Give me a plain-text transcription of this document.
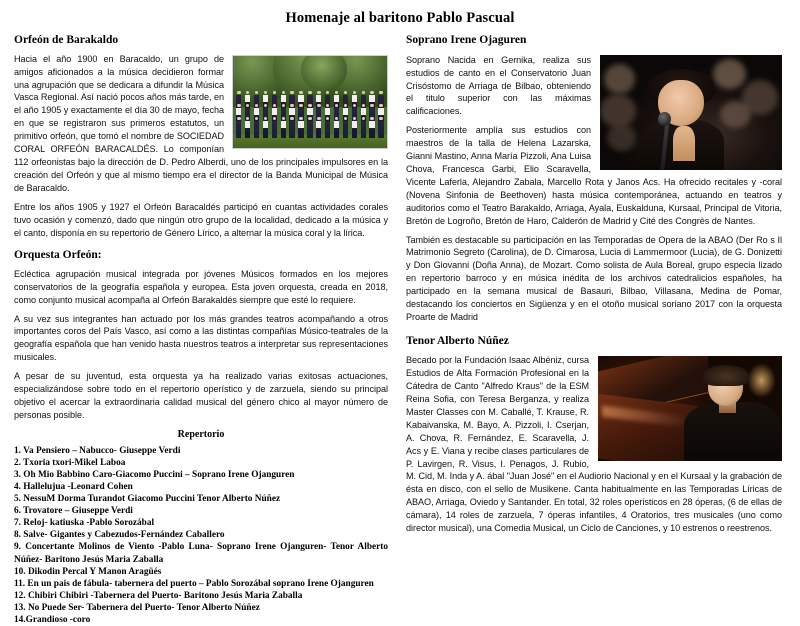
Homenaje al baritono Pablo Pascual
Orfeón de Barakaldo

Hacia el año 1900 en Baracaldo, un grupo de amigos aficionados a la música decidieron formar una agrupación que se dedicara a difundir la Música Vasca Regional. Así nació pocos años más tarde, en el año 1905 y exactamente el día 30 de mayo, fecha en que se registraron sus primeros estatutos, un primitivo orfeón, que tomó el nombre de SOCIEDAD CORAL ORFEÓN BARACALDÉS. Lo componían 112 orfeonistas bajo la dirección de D. Pedro Alberdi, uno de los principales impulsores en la creación del Orfeón y que al mismo tiempo era el director de la Banda Municipal de Música de Baracaldo.

Entre los años 1905 y 1927 el Orfeón Baracaldés participó en cuantas actividades corales tuvo ocasión y comenzó, dado que ningún otro grupo de la localidad, dedicado a la música y el canto, disponía en su repertorio de Género Lírico, a alternar la música coral y la lírica.

Orquesta Orfeón:

Ecléctica agrupación musical integrada por jóvenes Músicos formados en los mejores conservatorios de la geografía española y europea. Esta joven orquesta, creada en 2018, como conjunto musical acompaña al Orfeón Barakaldés siempre que esté lo requiere.

A su vez sus integrantes han actuado por los más grandes teatros acompañando a otros importantes coros del País Vasco, así como a las distintas compañías Músico-teatrales de la geografía española que han venido hasta nuestros teatros a interpretar sus representaciones musicales.

A pesar de su juventud, esta orquesta ya ha realizado varias exitosas actuaciones, especializándose sobre todo en el repertorio operístico y de zarzuela, siendo su principal objetivo el acercar la extraordinaria calidad musical del género chico al mayor número de personas posible.

Repertorio
1. Va Pensiero – Nabucco- Giuseppe Verdi
2. Txoria txori-Mikel Laboa
3. Oh Mio Babbino Caro-Giacomo Puccini – Soprano Irene Ojanguren
4. Hallelujua -Leonard Cohen
5. NessuM Dorma Turandot Giacomo Puccini Tenor Alberto Núñez
6. Trovatore – Giuseppe Verdi
7. Reloj- katiuska -Pablo Sorozábal
8. Salve- Gigantes y Cabezudos-Fernández Caballero
9. Concertante Molinos de Viento -Pablo Luna- Soprano Irene Ojanguren- Tenor Alberto Núñez- Baritono Jesús Maria Zaballa
10. Dikodin Percal Y Manon Aragüés
11. En un pais de fábula- tabernera del puerto – Pablo Sorozábal soprano Irene Ojanguren
12. Chibiri Chibiri -Tabernera del Puerto- Baritono Jesús Maria Zaballa
13. No Puede Ser- Tabernera del Puerto- Tenor Alberto Núñez
14.Grandioso -coro
Soprano Irene Ojaguren

Soprano Nacida en Gernika, realiza sus estudios de canto en el Conservatorio Juan Crisóstomo de Arriaga de Bilbao, obteniendo el titulo superior con las máximas calificaciones.

Posteriormente amplía sus estudios con maestros de la talla de Helena Lazarska, Gianni Mastino, Anna María Pizzoli, Ana Luisa Chova, Francesca Garbi, Elio Scaravella, Vicente Laferla, Alejandro Zabala, Marcello Rota y Janos Acs. Ha ofrecido recitales y -coral (Novena Sinfonia de Beethoven) hasta música contemporánea, actuando en teatros y auditorios como el Teatro Barakaldo, Arriaga, Ayala, Euskalduna, Kursaal, Principal de Vitoria, Bretón de Logroño, Bretón de Haro, Calderón de Madrid y Cité des Congrès de Nantes.

También es destacable su participación en las Temporadas de Opera de la ABAO (Der Ro s Il Matrimonio Segreto (Carolina), de D. Cimarosa, Lucia di Lammermoor (Lucia), de G. Donizetti y Don Giovanni (Doña Anna), de Mozart. Como solista de Aula Boreal, grupo especia lizado en repertorio barroco y en música inédita de los archivos catedralicios españoles, ha participado en la semana musical de Basauri, Bilbao, Villasana, Medina de Pomar, destacando los conciertos en Sigüenza y en el otoño musical soriano 2017 con la orquesta Proarte de Madrid

Tenor Alberto Núñez

Becado por la Fundación Isaac Albéniz, cursa Estudios de Alta Formación Profesional en la Cátedra de Canto "Alfredo Kraus" de la ESM Reina Sofia, con Teresa Berganza, y realiza Master Classes con M. Caballé, T. Krause, R. Kabaivanska, M. Bayo, A. Pizzoli, I. Cserjan, A. Chova, R. Fernández, E. Scaravella, J. Acs y E. Viana y recibe clases particulares de P. Lavirgen, R. Visus, I. Penagos, J. Rubio, M. Cid, M. Inda y A. ábal "Juan José" en el Audiorio Nacional y en el Kursaal y la grabación de ésta en disco, con el sello de Musikene. Canta habitualmente en las Temporadas Líricas de ABAO, Arriaga, Oviedo y Santander. En total, 32 roles operisticos en 28 óperas, (6 de ellas de cámara), 14 roles de zarzuela, 7 óperas infantiles, 4 Oratorios, tres musicales (uno como director musical), una Comedia Musical, un Ciclo de Canciones, y 10 estrenos o reestrenos.
